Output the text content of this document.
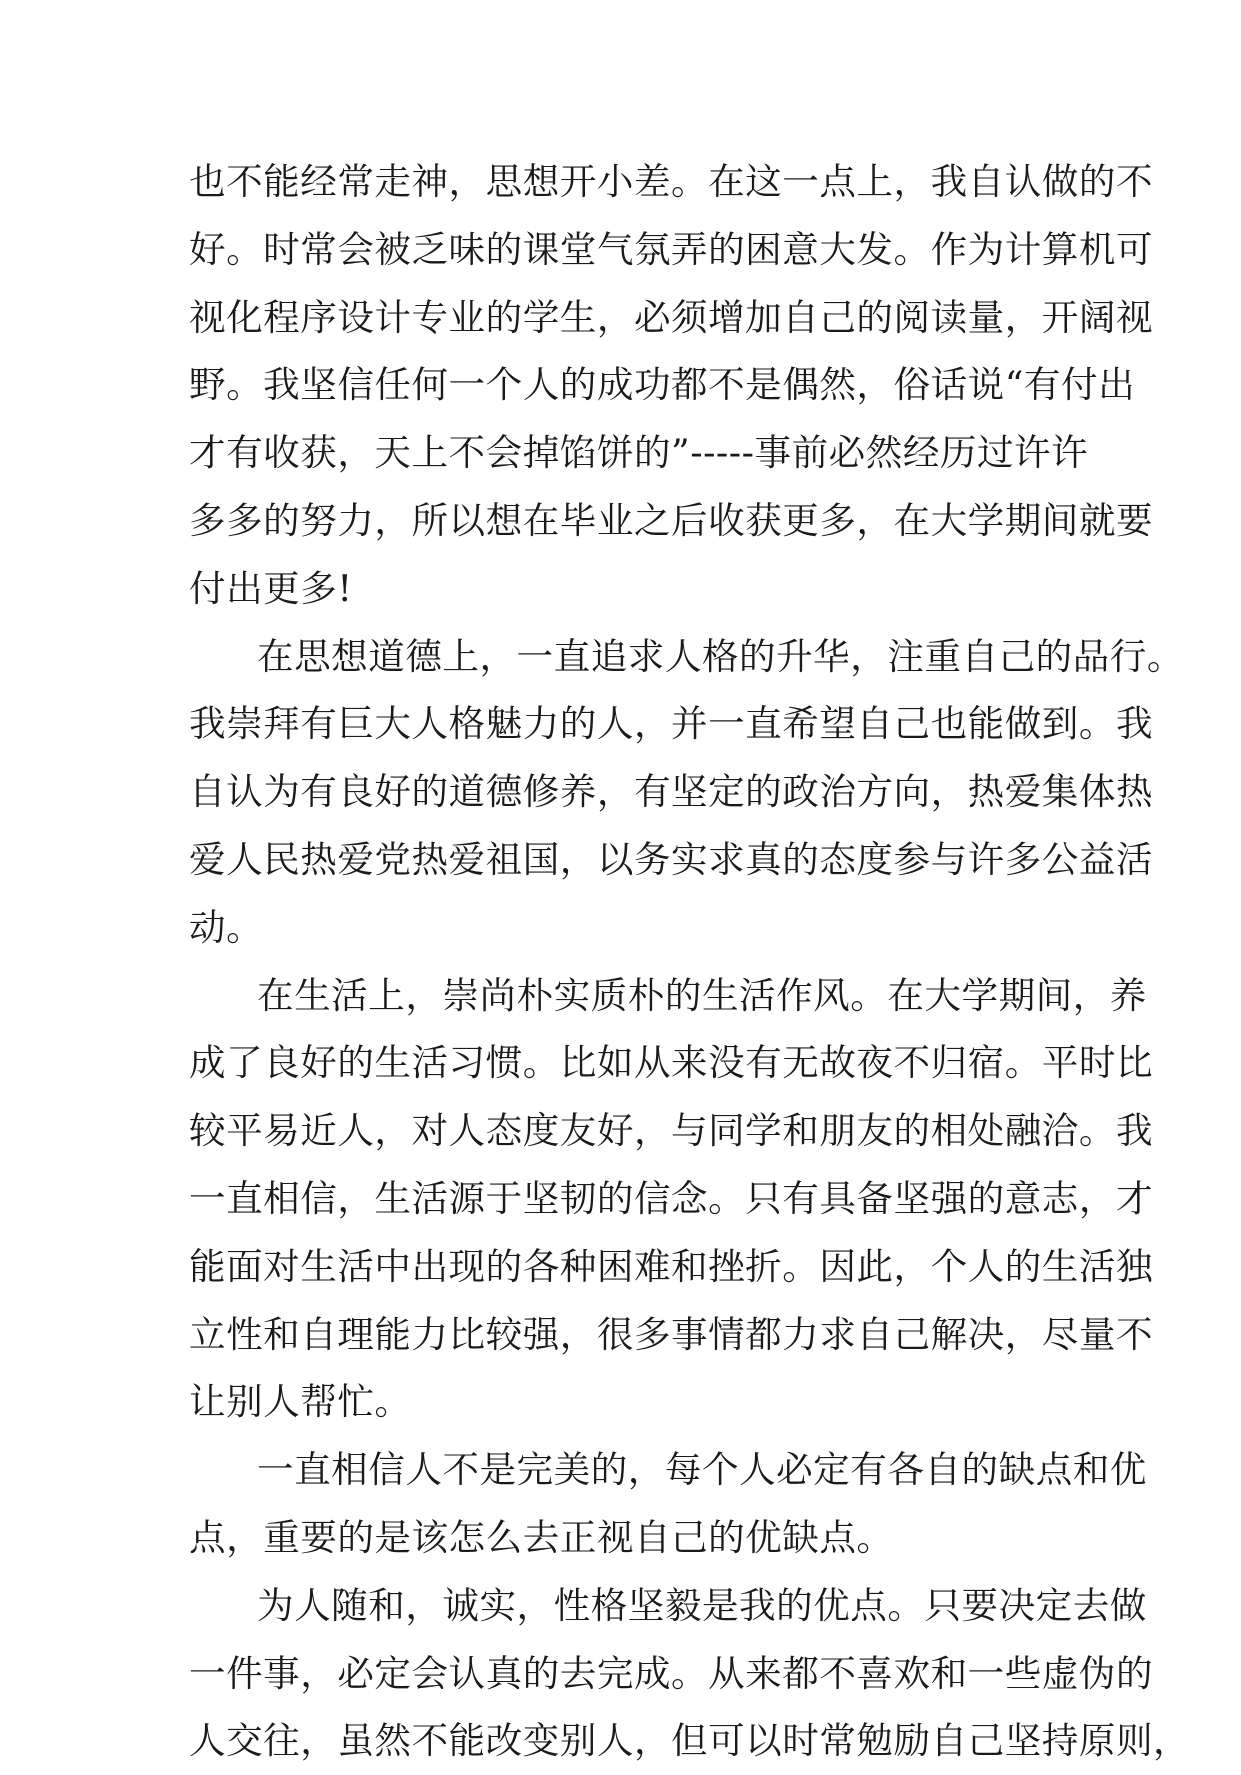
也不能经常走神，思想开小差。在这一点上，我自认做的不
好。时常会被乏味的课堂气氛弄的困意大发。作为计算机可
视化程序设计专业的学生，必须增加自己的阅读量，开阔视
野。我坚信任何一个人的成功都不是偶然，俗话说“有付出
才有收获，天上不会掉馅饼的”-----事前必然经历过许许
多多的努力，所以想在毕业之后收获更多，在大学期间就要
付出更多!
在思想道德上，一直追求人格的升华，注重自己的品行。
我崇拜有巨大人格魅力的人，并一直希望自己也能做到。我
自认为有良好的道德修养，有坚定的政治方向，热爱集体热
爱人民热爱党热爱祖国，以务实求真的态度参与许多公益活
动。
在生活上，崇尚朴实质朴的生活作风。在大学期间，养
成了良好的生活习惯。比如从来没有无故夜不归宿。平时比
较平易近人，对人态度友好，与同学和朋友的相处融洽。我
一直相信，生活源于坚韧的信念。只有具备坚强的意志，才
能面对生活中出现的各种困难和挫折。因此，个人的生活独
立性和自理能力比较强，很多事情都力求自己解决，尽量不
让别人帮忙。
一直相信人不是完美的，每个人必定有各自的缺点和优
点，重要的是该怎么去正视自己的优缺点。
为人随和，诚实，性格坚毅是我的优点。只要决定去做
一件事，必定会认真的去完成。从来都不喜欢和一些虚伪的
人交往，虽然不能改变别人，但可以时常勉励自己坚持原则，
